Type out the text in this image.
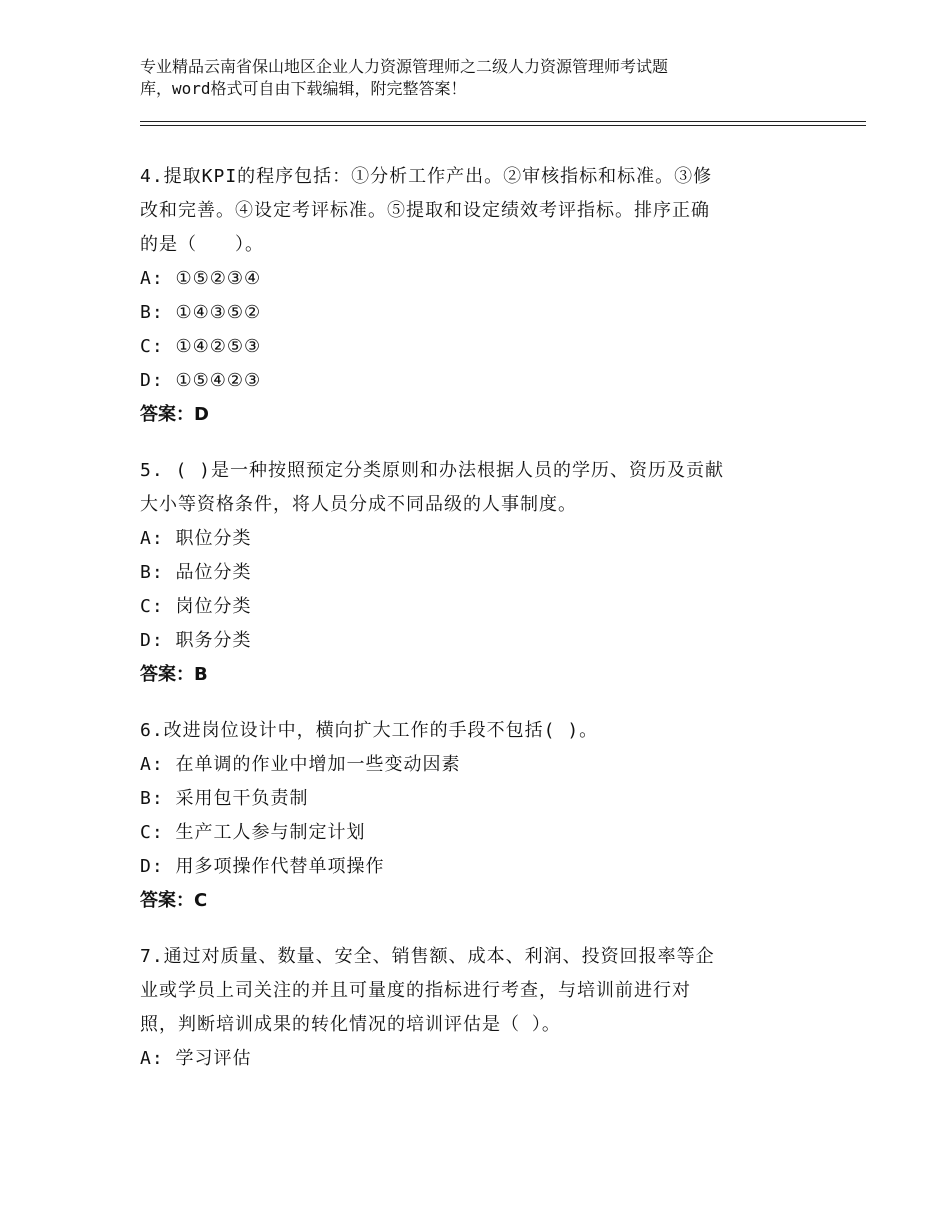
专业精品云南省保山地区企业人力资源管理师之二级人力资源管理师考试题
库，word格式可自由下载编辑，附完整答案！
4.提取KPI的程序包括：①分析工作产出。②审核指标和标准。③修
改和完善。④设定考评标准。⑤提取和设定绩效考评指标。排序正确
的是（　　）。
A: ①⑤②③④
B: ①④③⑤②
C: ①④②⑤③
D: ①⑤④②③
答案：D
5. ( )是一种按照预定分类原则和办法根据人员的学历、资历及贡献
大小等资格条件，将人员分成不同品级的人事制度。
A: 职位分类
B: 品位分类
C: 岗位分类
D: 职务分类
答案：B
6.改进岗位设计中，横向扩大工作的手段不包括( )。
A: 在单调的作业中增加一些变动因素
B: 采用包干负责制
C: 生产工人参与制定计划
D: 用多项操作代替单项操作
答案：C
7.通过对质量、数量、安全、销售额、成本、利润、投资回报率等企
业或学员上司关注的并且可量度的指标进行考查，与培训前进行对
照，判断培训成果的转化情况的培训评估是（ ）。
A: 学习评估
